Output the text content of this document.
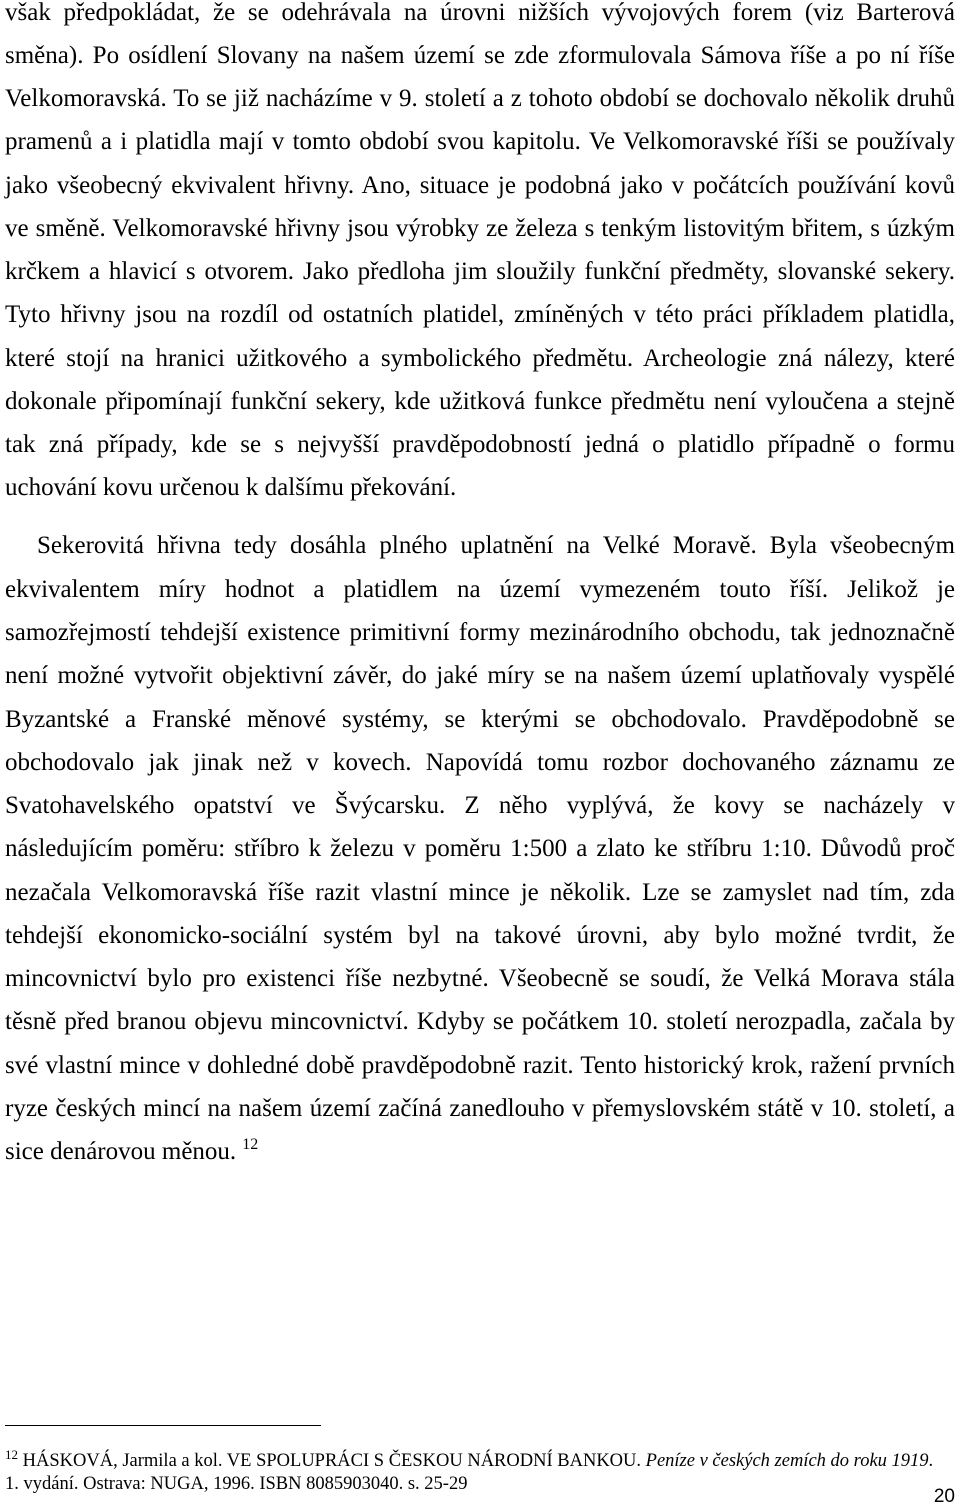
však předpokládat, že se odehrávala na úrovni nižších vývojových forem (viz Barterová
směna). Po osídlení Slovany na našem území se zde zformulovala Sámova říše a po ní říše
Velkomoravská. To se již nacházíme v 9. století a z tohoto období se dochovalo několik druhů
pramenů a i platidla mají v tomto období svou kapitolu. Ve Velkomoravské říši se používaly
jako všeobecný ekvivalent hřivny. Ano, situace je podobná jako v počátcích používání kovů
ve směně. Velkomoravské hřivny jsou výrobky ze železa s tenkým listovitým břitem, s úzkým
krčkem a hlavicí s otvorem. Jako předloha jim sloužily funkční předměty, slovanské sekery.
Tyto hřivny jsou na rozdíl od ostatních platidel, zmíněných v této práci příkladem platidla,
které stojí na hranici užitkového a symbolického předmětu. Archeologie zná nálezy, které
dokonale připomínají funkční sekery, kde užitková funkce předmětu není vyloučena a stejně
tak zná případy, kde se s nejvyšší pravděpodobností jedná o platidlo případně o formu
uchování kovu určenou k dalšímu překování.
Sekerovitá hřivna tedy dosáhla plného uplatnění na Velké Moravě. Byla všeobecným
ekvivalentem míry hodnot a platidlem na území vymezeném touto říší. Jelikož je
samozřejmostí tehdejší existence primitivní formy mezinárodního obchodu, tak jednoznačně
není možné vytvořit objektivní závěr, do jaké míry se na našem území uplatňovaly vyspělé
Byzantské a Franské měnové systémy, se kterými se obchodovalo. Pravděpodobně se
obchodovalo jak jinak než v kovech. Napovídá tomu rozbor dochovaného záznamu ze
Svatohavelského opatství ve Švýcarsku. Z něho vyplývá, že kovy se nacházely v
následujícím poměru: stříbro k železu v poměru 1:500 a zlato ke stříbru 1:10. Důvodů proč
nezačala Velkomoravská říše razit vlastní mince je několik. Lze se zamyslet nad tím, zda
tehdejší ekonomicko-sociální systém byl na takové úrovni, aby bylo možné tvrdit, že
mincovnictví bylo pro existenci říše nezbytné. Všeobecně se soudí, že Velká Morava stála
těsně před branou objevu mincovnictví. Kdyby se počátkem 10. století nerozpadla, začala by
své vlastní mince v dohledné době pravděpodobně razit. Tento historický krok, ražení prvních
ryze českých mincí na našem území začíná zanedlouho v přemyslovském státě v 10. století, a
sice denárovou měnou. $^{12}$
$^{12}$ HÁSKOVÁ, Jarmila a kol. VE SPOLUPRÁCI S ČESKOU NÁRODNÍ BANKOU. Peníze v českých zemích do roku 1919.
1. vydání. Ostrava: NUGA, 1996. ISBN 8085903040. s. 25-29
20
